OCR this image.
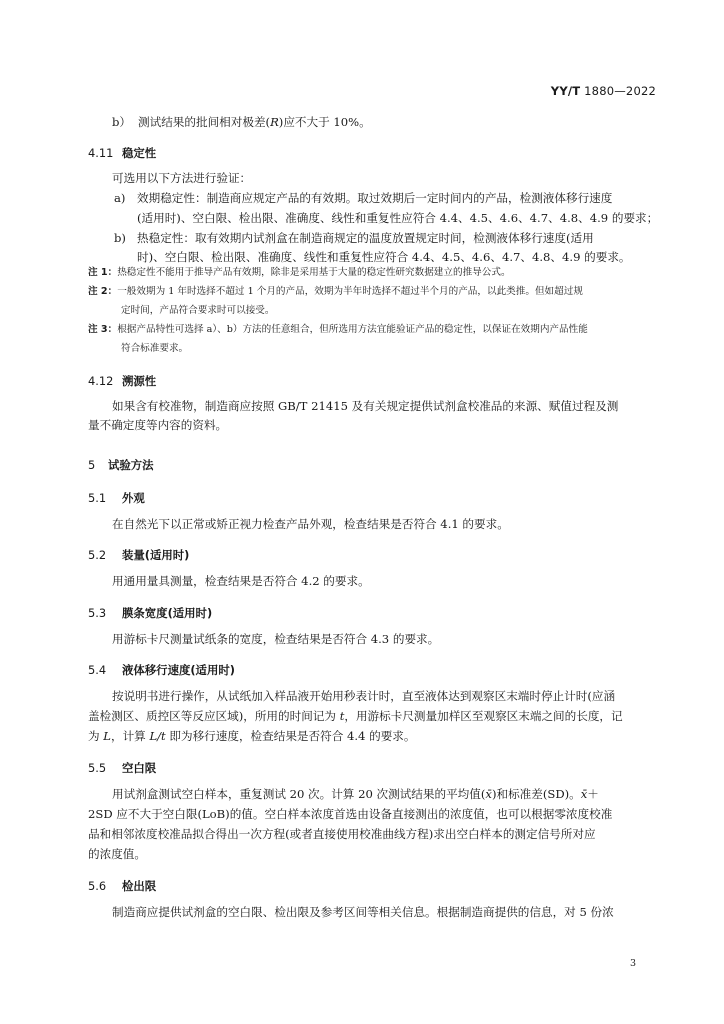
YY/T 1880—2022
b） 测试结果的批间相对极差(R)应不大于 10%。
4.11 稳定性
可选用以下方法进行验证：
a) 效期稳定性：制造商应规定产品的有效期。取过效期后一定时间内的产品，检测液体移行速度
(适用时)、空白限、检出限、准确度、线性和重复性应符合 4.4、4.5、4.6、4.7、4.8、4.9 的要求；
b) 热稳定性：取有效期内试剂盒在制造商规定的温度放置规定时间，检测液体移行速度(适用
时)、空白限、检出限、准确度、线性和重复性应符合 4.4、4.5、4.6、4.7、4.8、4.9 的要求。
注 1：热稳定性不能用于推导产品有效期，除非是采用基于大量的稳定性研究数据建立的推导公式。
注 2：一般效期为 1 年时选择不超过 1 个月的产品，效期为半年时选择不超过半个月的产品，以此类推。但如超过规
定时间，产品符合要求时可以接受。
注 3：根据产品特性可选择 a）、b）方法的任意组合，但所选用方法宜能验证产品的稳定性，以保证在效期内产品性能
符合标准要求。
4.12 溯源性
如果含有校准物，制造商应按照 GB/T 21415 及有关规定提供试剂盒校准品的来源、赋值过程及测
量不确定度等内容的资料。
5 试验方法
5.1 外观
在自然光下以正常或矫正视力检查产品外观，检查结果是否符合 4.1 的要求。
5.2 装量(适用时)
用通用量具测量，检查结果是否符合 4.2 的要求。
5.3 膜条宽度(适用时)
用游标卡尺测量试纸条的宽度，检查结果是否符合 4.3 的要求。
5.4 液体移行速度(适用时)
按说明书进行操作，从试纸加入样品液开始用秒表计时，直至液体达到观察区末端时停止计时(应涵
盖检测区、质控区等反应区域)，所用的时间记为 t，用游标卡尺测量加样区至观察区末端之间的长度，记
为 L，计算 L/t 即为移行速度，检查结果是否符合 4.4 的要求。
5.5 空白限
用试剂盒测试空白样本，重复测试 20 次。计算 20 次测试结果的平均值(x̄)和标准差(SD)。x̄＋
2SD 应不大于空白限(LoB)的值。空白样本浓度首选由设备直接测出的浓度值，也可以根据零浓度校准
品和相邻浓度校准品拟合得出一次方程(或者直接使用校准曲线方程)求出空白样本的测定信号所对应
的浓度值。
5.6 检出限
制造商应提供试剂盒的空白限、检出限及参考区间等相关信息。根据制造商提供的信息，对 5 份浓
3
